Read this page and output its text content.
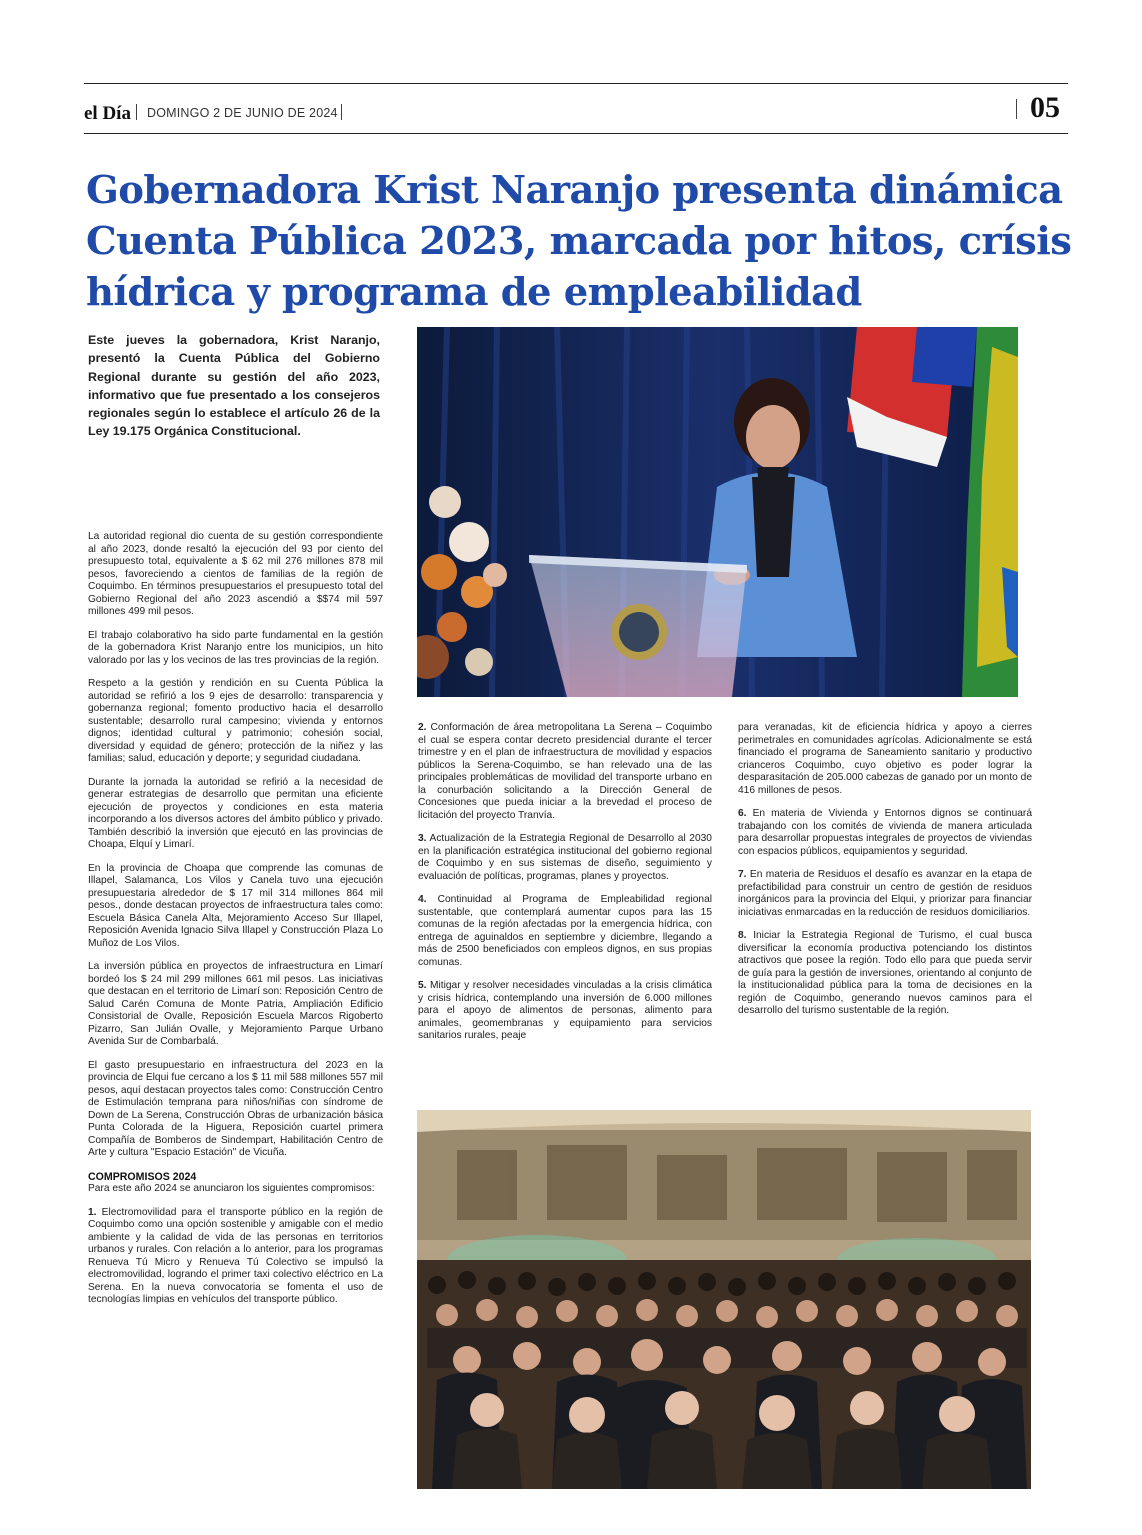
el Día DOMINGO 2 DE JUNIO DE 2024	05
Gobernadora Krist Naranjo presenta dinámica Cuenta Pública 2023, marcada por hitos, crísis hídrica y programa de empleabilidad

Este jueves la gobernadora, Krist Naranjo, presentó la Cuenta Pública del Gobierno Regional durante su gestión del año 2023, informativo que fue presentado a los consejeros regionales según lo establece el artículo 26 de la Ley 19.175 Orgánica Constitucional.

La autoridad regional dio cuenta de su gestión correspondiente al año 2023, donde resaltó la ejecución del 93 por ciento del presupuesto total, equivalente a $ 62 mil 276 millones 878 mil pesos, favoreciendo a cientos de familias de la región de Coquimbo. En términos presupuestarios el presupuesto total del Gobierno Regional del año 2023 ascendió a $$74 mil 597 millones 499 mil pesos.

El trabajo colaborativo ha sido parte fundamental en la gestión de la gobernadora Krist Naranjo entre los municipios, un hito valorado por las y los vecinos de las tres provincias de la región.

Respeto a la gestión y rendición en su Cuenta Pública la autoridad se refirió a los 9 ejes de desarrollo: transparencia y gobernanza regional; fomento productivo hacia el desarrollo sustentable; desarrollo rural campesino; vivienda y entornos dignos; identidad cultural y patrimonio; cohesión social, diversidad y equidad de género; protección de la niñez y las familias; salud, educación y deporte; y seguridad ciudadana.

Durante la jornada la autoridad se refirió a la necesidad de generar estrategias de desarrollo que permitan una eficiente ejecución de proyectos y condiciones en esta materia incorporando a los diversos actores del ámbito público y privado. También describió la inversión que ejecutó en las provincias de Choapa, Elquí y Limarí.

En la provincia de Choapa que comprende las comunas de Illapel, Salamanca, Los Vilos y Canela tuvo una ejecución presupuestaria alrededor de $ 17 mil 314 millones 864 mil pesos., donde destacan proyectos de infraestructura tales como: Escuela Básica Canela Alta, Mejoramiento Acceso Sur Illapel, Reposición Avenida Ignacio Silva Illapel y Construcción Plaza Lo Muñoz de Los Vilos.

La inversión pública en proyectos de infraestructura en Limarí bordeó los $ 24 mil 299 millones 661 mil pesos. Las iniciativas que destacan en el territorio de Limarí son: Reposición Centro de Salud Carén Comuna de Monte Patria, Ampliación Edificio Consistorial de Ovalle, Reposición Escuela Marcos Rigoberto Pizarro, San Julián Ovalle, y Mejoramiento Parque Urbano Avenida Sur de Combarbalá.

El gasto presupuestario en infraestructura del 2023 en la provincia de Elqui fue cercano a los $ 11 mil 588 millones 557 mil pesos, aquí destacan proyectos tales como: Construcción Centro de Estimulación temprana para niños/niñas con síndrome de Down de La Serena, Construcción Obras de urbanización básica Punta Colorada de la Higuera, Reposición cuartel primera Compañía de Bomberos de Sindempart, Habilitación Centro de Arte y cultura "Espacio Estación" de Vicuña.

COMPROMISOS 2024

Para este año 2024 se anunciaron los siguientes compromisos:

1. Electromovilidad para el transporte público en la región de Coquimbo como una opción sostenible y amigable con el medio ambiente y la calidad de vida de las personas en territorios urbanos y rurales. Con relación a lo anterior, para los programas Renueva Tú Micro y Renueva Tú Colectivo se impulsó la electromovilidad, logrando el primer taxi colectivo eléctrico en La Serena. En la nueva convocatoria se fomenta el uso de tecnologías limpias en vehículos del transporte público.

2. Conformación de área metropolitana La Serena – Coquimbo el cual se espera contar decreto presidencial durante el tercer trimestre y en el plan de infraestructura de movilidad y espacios públicos la Serena-Coquimbo, se han relevado una de las principales problemáticas de movilidad del transporte urbano en la conurbación solicitando a la Dirección General de Concesiones que pueda iniciar a la brevedad el proceso de licitación del proyecto Tranvía.

3. Actualización de la Estrategia Regional de Desarrollo al 2030 en la planificación estratégica institucional del gobierno regional de Coquimbo y en sus sistemas de diseño, seguimiento y evaluación de políticas, programas, planes y proyectos.

4. Continuidad al Programa de Empleabilidad regional sustentable, que contemplará aumentar cupos para las 15 comunas de la región afectadas por la emergencia hídrica, con entrega de aguinaldos en septiembre y diciembre, llegando a más de 2500 beneficiados con empleos dignos, en sus propias comunas.

5. Mitigar y resolver necesidades vinculadas a la crisis climática y crisis hídrica, contemplando una inversión de 6.000 millones para el apoyo de alimentos de personas, alimento para animales, geomembranas y equipamiento para servicios sanitarios rurales, peaje

para veranadas, kit de eficiencia hídrica y apoyo a cierres perimetrales en comunidades agrícolas. Adicionalmente se está financiado el programa de Saneamiento sanitario y productivo crianceros Coquimbo, cuyo objetivo es poder lograr la desparasitación de 205.000 cabezas de ganado por un monto de 416 millones de pesos.

6. En materia de Vivienda y Entornos dignos se continuará trabajando con los comités de vivienda de manera articulada para desarrollar propuestas integrales de proyectos de viviendas con espacios públicos, equipamientos y seguridad.

7. En materia de Residuos el desafío es avanzar en la etapa de prefactibilidad para construir un centro de gestión de residuos inorgánicos para la provincia del Elqui, y priorizar para financiar iniciativas enmarcadas en la reducción de residuos domiciliarios.

8. Iniciar la Estrategia Regional de Turismo, el cual busca diversificar la economía productiva potenciando los distintos atractivos que posee la región. Todo ello para que pueda servir de guía para la gestión de inversiones, orientando al conjunto de la institucionalidad pública para la toma de decisiones en la región de Coquimbo, generando nuevos caminos para el desarrollo del turismo sustentable de la región.
